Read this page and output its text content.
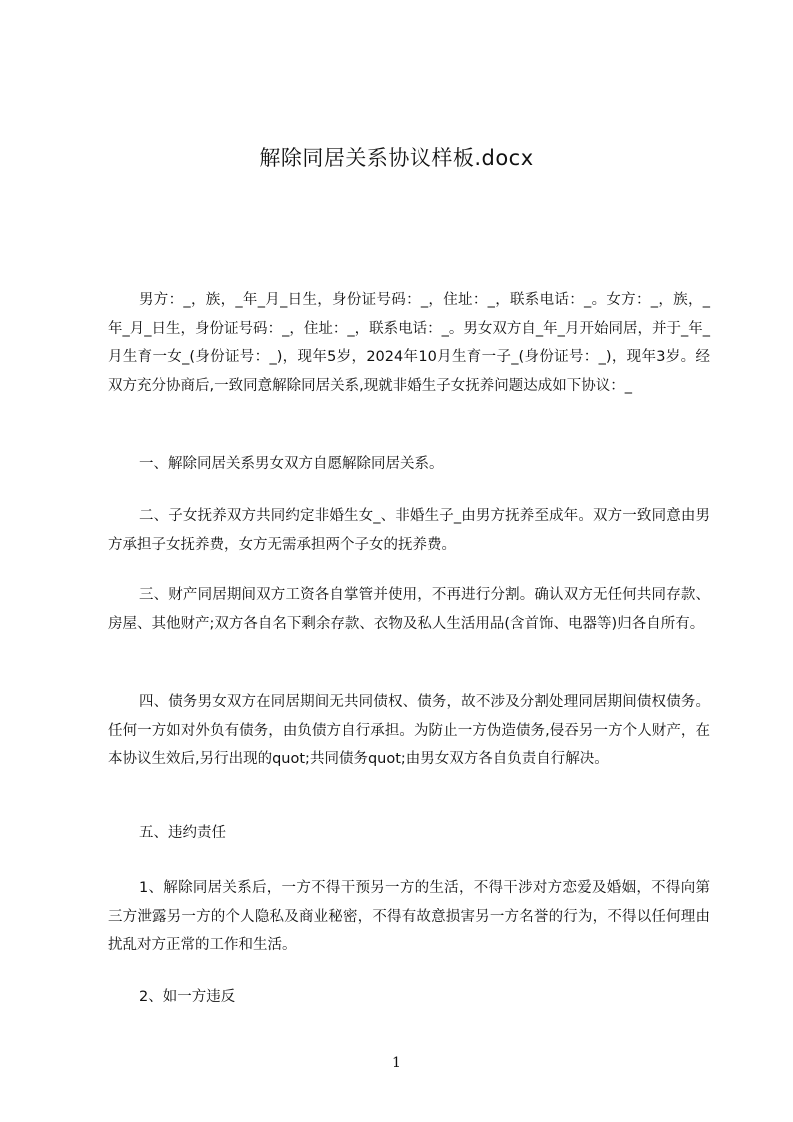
解除同居关系协议样板.docx

男方：_，族，_年_月_日生，身份证号码：_，住址：_，联系电话：_。女方：_，族，_年_月_日生，身份证号码：_，住址：_，联系电话：_。男女双方自_年_月开始同居，并于_年_月生育一女_(身份证号：_)，现年5岁，2024年10月生育一子_(身份证号：_)，现年3岁。经双方充分协商后,一致同意解除同居关系,现就非婚生子女抚养问题达成如下协议：_

一、解除同居关系男女双方自愿解除同居关系。

二、子女抚养双方共同约定非婚生女_、非婚生子_由男方抚养至成年。双方一致同意由男方承担子女抚养费，女方无需承担两个子女的抚养费。

三、财产同居期间双方工资各自掌管并使用，不再进行分割。确认双方无任何共同存款、房屋、其他财产;双方各自名下剩余存款、衣物及私人生活用品(含首饰、电器等)归各自所有。

四、债务男女双方在同居期间无共同债权、债务，故不涉及分割处理同居期间债权债务。任何一方如对外负有债务，由负债方自行承担。为防止一方伪造债务,侵吞另一方个人财产，在本协议生效后,另行出现的quot;共同债务quot;由男女双方各自负责自行解决。

五、违约责任

1、解除同居关系后，一方不得干预另一方的生活，不得干涉对方恋爱及婚姻，不得向第三方泄露另一方的个人隐私及商业秘密，不得有故意损害另一方名誉的行为，不得以任何理由扰乱对方正常的工作和生活。

2、如一方违反

1
